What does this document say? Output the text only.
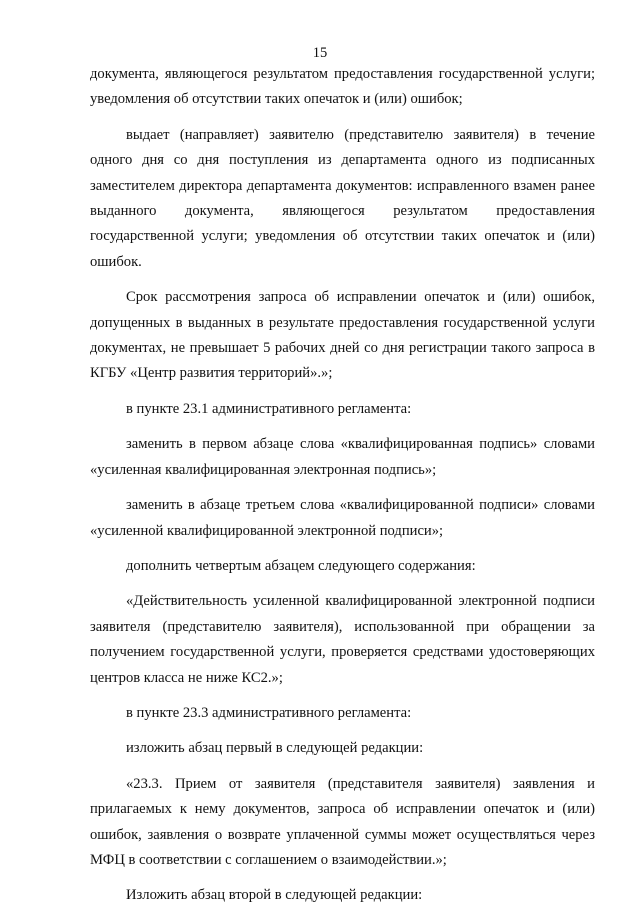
15

документа, являющегося результатом предоставления государственной услуги; уведомления об отсутствии таких опечаток и (или) ошибок;

выдает (направляет) заявителю (представителю заявителя) в течение одного дня со дня поступления из департамента одного из подписанных заместителем директора департамента документов: исправленного взамен ранее выданного документа, являющегося результатом предоставления государственной услуги; уведомления об отсутствии таких опечаток и (или) ошибок.

Срок рассмотрения запроса об исправлении опечаток и (или) ошибок, допущенных в выданных в результате предоставления государственной услуги документах, не превышает 5 рабочих дней со дня регистрации такого запроса в КГБУ «Центр развития территорий».»;

в пункте 23.1 административного регламента:

заменить в первом абзаце слова «квалифицированная подпись» словами «усиленная квалифицированная электронная подпись»;

заменить в абзаце третьем слова «квалифицированной подписи» словами «усиленной квалифицированной электронной подписи»;

дополнить четвертым абзацем следующего содержания:

«Действительность усиленной квалифицированной электронной подписи заявителя (представителю заявителя), использованной при обращении за получением государственной услуги, проверяется средствами удостоверяющих центров класса не ниже КС2.»;

в пункте 23.3 административного регламента:

изложить абзац первый в следующей редакции:

«23.3. Прием от заявителя (представителя заявителя) заявления и прилагаемых к нему документов, запроса об исправлении опечаток и (или) ошибок, заявления о возврате уплаченной суммы может осуществляться через МФЦ в соответствии с соглашением о взаимодействии.»;

Изложить абзац второй в следующей редакции:
